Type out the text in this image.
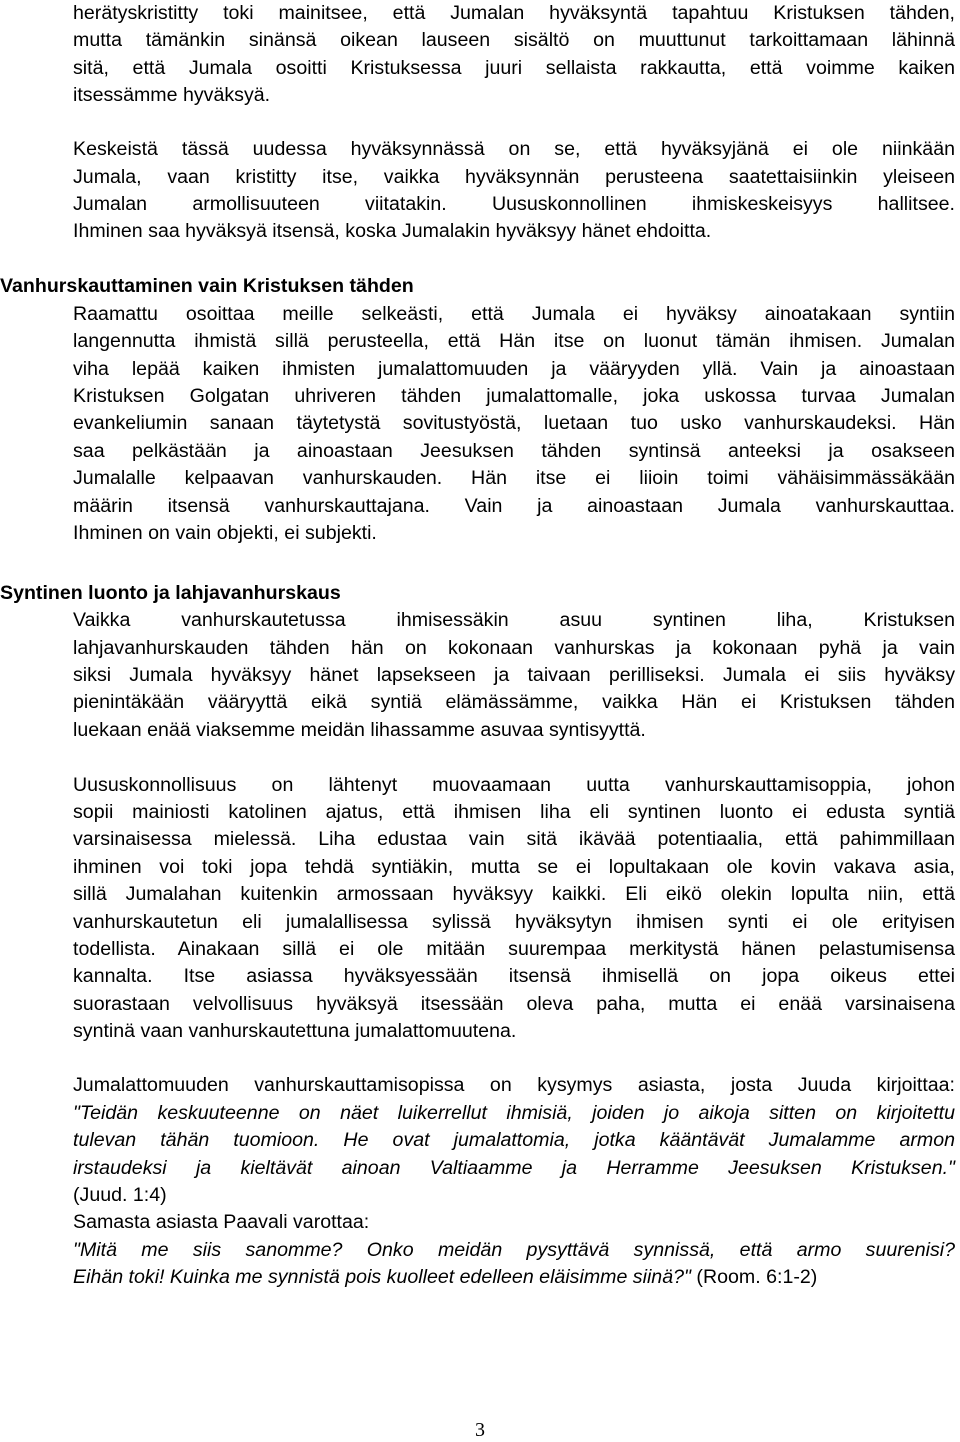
herätyskristitty toki mainitsee, että Jumalan hyväksyntä tapahtuu Kristuksen tähden,
mutta tämänkin sinänsä oikean lauseen sisältö on muuttunut tarkoittamaan lähinnä
sitä, että Jumala osoitti Kristuksessa juuri sellaista rakkautta, että voimme kaiken
itsessämme hyväksyä.
Keskeistä tässä uudessa hyväksynnässä on se, että hyväksyjänä ei ole niinkään
Jumala, vaan kristitty itse, vaikka hyväksynnän perusteena saatettaisiinkin yleiseen
Jumalan armollisuuteen viitatakin. Uususkonnollinen ihmiskeskeisyys hallitsee.
Ihminen saa hyväksyä itsensä, koska Jumalakin hyväksyy hänet ehdoitta.
Vanhurskauttaminen vain Kristuksen tähden
Raamattu osoittaa meille selkeästi, että Jumala ei hyväksy ainoatakaan syntiin
langennutta ihmistä sillä perusteella, että Hän itse on luonut tämän ihmisen. Jumalan
viha lepää kaiken ihmisten jumalattomuuden ja vääryyden yllä. Vain ja ainoastaan
Kristuksen Golgatan uhriveren tähden jumalattomalle, joka uskossa turvaa Jumalan
evankeliumin sanaan täytetystä sovitustyöstä, luetaan tuo usko vanhurskaudeksi. Hän
saa pelkästään ja ainoastaan Jeesuksen tähden syntinsä anteeksi ja osakseen
Jumalalle kelpaavan vanhurskauden. Hän itse ei liioin toimi vähäisimmässäkään
määrin itsensä vanhurskauttajana. Vain ja ainoastaan Jumala vanhurskauttaa.
Ihminen on vain objekti, ei subjekti.
Syntinen luonto ja lahjavanhurskaus
Vaikka vanhurskautetussa ihmisessäkin asuu syntinen liha, Kristuksen
lahjavanhurskauden tähden hän on kokonaan vanhurskas ja kokonaan pyhä ja vain
siksi Jumala hyväksyy hänet lapsekseen ja taivaan perilliseksi. Jumala ei siis hyväksy
pienintäkään vääryyttä eikä syntiä elämässämme, vaikka Hän ei Kristuksen tähden
luekaan enää viaksemme meidän lihassamme asuvaa syntisyyttä.
Uususkonnollisuus on lähtenyt muovaamaan uutta vanhurskauttamisoppia, johon
sopii mainiosti katolinen ajatus, että ihmisen liha eli syntinen luonto ei edusta syntiä
varsinaisessa mielessä. Liha edustaa vain sitä ikävää potentiaalia, että pahimmillaan
ihminen voi toki jopa tehdä syntiäkin, mutta se ei lopultakaan ole kovin vakava asia,
sillä Jumalahan kuitenkin armossaan hyväksyy kaikki. Eli eikö olekin lopulta niin, että
vanhurskautetun eli jumalallisessa sylissä hyväksytyn ihmisen synti ei ole erityisen
todellista. Ainakaan sillä ei ole mitään suurempaa merkitystä hänen pelastumisensa
kannalta. Itse asiassa hyväksyessään itsensä ihmisellä on jopa oikeus ettei
suorastaan velvollisuus hyväksyä itsessään oleva paha, mutta ei enää varsinaisena
syntinä vaan vanhurskautettuna jumalattomuutena.
Jumalattomuuden vanhurskauttamisopissa on kysymys asiasta, josta Juuda kirjoittaa:
"Teidän keskuuteenne on näet luikerrellut ihmisiä, joiden jo aikoja sitten on kirjoitettu
tulevan tähän tuomioon. He ovat jumalattomia, jotka kääntävät Jumalamme armon
irstaudeksi ja kieltävät ainoan Valtiaamme ja Herramme Jeesuksen Kristuksen."
(Juud. 1:4)
Samasta asiasta Paavali varottaa:
"Mitä me siis sanomme? Onko meidän pysyttävä synnissä, että armo suurenisi?
Eihän toki! Kuinka me synnistä pois kuolleet edelleen eläisimme siinä?" (Room. 6:1-2)
3
